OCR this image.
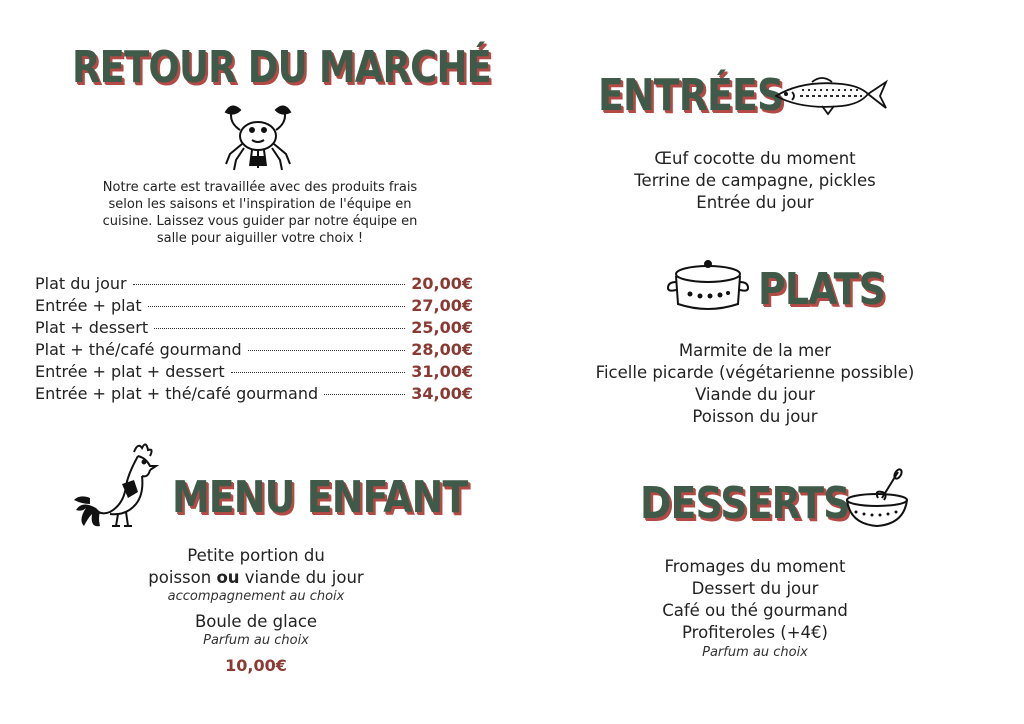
RETOUR DU MARCHÉ
Notre carte est travaillée avec des produits frais
selon les saisons et l'inspiration de l'équipe en
cuisine. Laissez vous guider par notre équipe en
salle pour aiguiller votre choix !
Plat du jour	20,00€
Entrée + plat	27,00€
Plat + dessert	25,00€
Plat + thé/café gourmand	28,00€
Entrée + plat + dessert	31,00€
Entrée + plat + thé/café gourmand	34,00€
MENU ENFANT
Petite portion du
poisson ou viande du jour
accompagnement au choix
Boule de glace
Parfum au choix
10,00€
ENTRÉES
Œuf cocotte du moment
Terrine de campagne, pickles
Entrée du jour
PLATS
Marmite de la mer
Ficelle picarde (végétarienne possible)
Viande du jour
Poisson du jour
DESSERTS
Fromages du moment
Dessert du jour
Café ou thé gourmand
Profiteroles (+4€)
Parfum au choix
